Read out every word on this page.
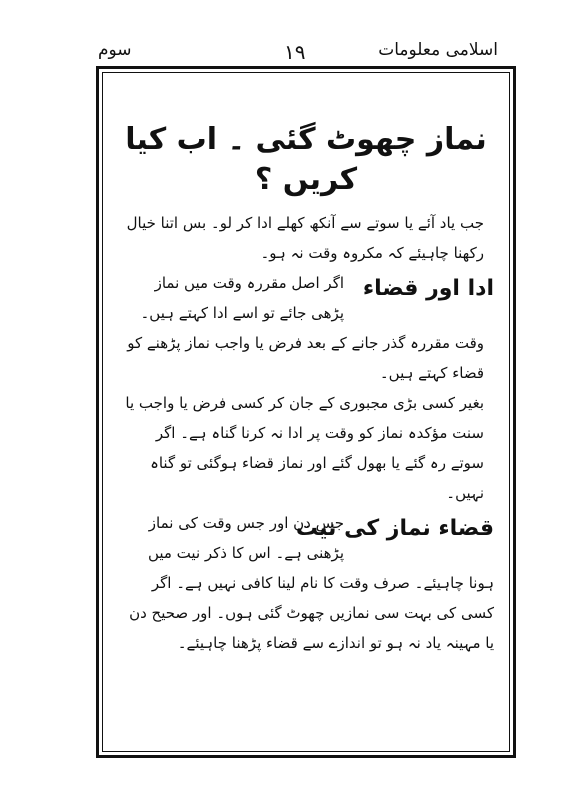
اسلامی معلومات
۱۹
سوم
نماز چھوٹ گئی ۔ اب کیا کریں ؟

جب یاد آئے یا سوتے سے آنکھ کھلے ادا کر لو۔ بس اتنا خیال رکھنا چاہیئے کہ مکروہ وقت نہ ہو۔

ادا اور قضاء

اگر اصل مقررہ وقت میں نماز پڑھی جائے تو اسے ادا کہتے ہیں۔

وقت مقررہ گذر جانے کے بعد فرض یا واجب نماز پڑھنے کو قضاء کہتے ہیں۔

بغیر کسی بڑی مجبوری کے جان کر کسی فرض یا واجب یا سنت مؤکدہ نماز کو وقت پر ادا نہ کرنا گناہ ہے۔ اگر سوتے رہ گئے یا بھول گئے اور نماز قضاء ہوگئی تو گناہ نہیں۔

قضاء نماز کی نیت

جس دن اور جس وقت کی نماز پڑھنی ہے۔ اس کا ذکر نیت میں

ہونا چاہیئے۔ صرف وقت کا نام لینا کافی نہیں ہے۔ اگر کسی کی بہت سی نمازیں چھوٹ گئی ہوں۔ اور صحیح دن یا مہینہ یاد نہ ہو تو اندازے سے قضاء پڑھنا چاہیئے۔
